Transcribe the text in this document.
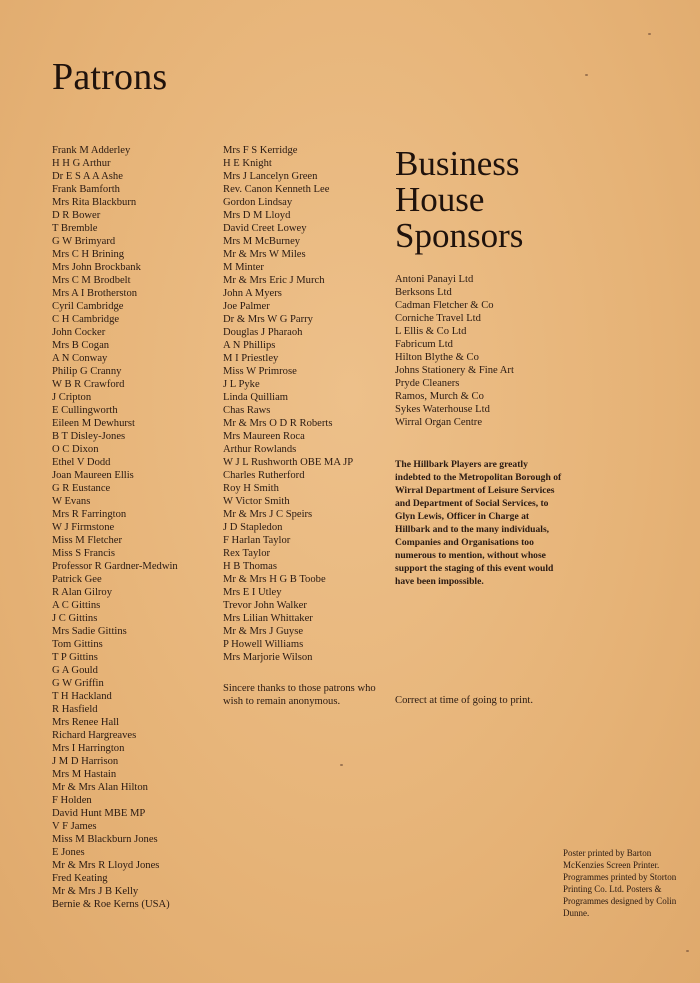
Patrons
Frank M Adderley
H H G Arthur
Dr E S A A Ashe
Frank Bamforth
Mrs Rita Blackburn
D R Bower
T Bremble
G W Brimyard
Mrs C H Brining
Mrs John Brockbank
Mrs C M Brodbelt
Mrs A I Brotherston
Cyril Cambridge
C H Cambridge
John Cocker
Mrs B Cogan
A N Conway
Philip G Cranny
W B R Crawford
J Cripton
E Cullingworth
Eileen M Dewhurst
B T Disley-Jones
O C Dixon
Ethel V Dodd
Joan Maureen Ellis
G R Eustance
W Evans
Mrs R Farrington
W J Firmstone
Miss M Fletcher
Miss S Francis
Professor R Gardner-Medwin
Patrick Gee
R Alan Gilroy
A C Gittins
J C Gittins
Mrs Sadie Gittins
Tom Gittins
T P Gittins
G A Gould
G W Griffin
T H Hackland
R Hasfield
Mrs Renee Hall
Richard Hargreaves
Mrs I Harrington
J M D Harrison
Mrs M Hastain
Mr & Mrs Alan Hilton
F Holden
David Hunt MBE MP
V F James
Miss M Blackburn Jones
E Jones
Mr & Mrs R Lloyd Jones
Fred Keating
Mr & Mrs J B Kelly
Bernie & Roe Kerns (USA)
Mrs F S Kerridge
H E Knight
Mrs J Lancelyn Green
Rev. Canon Kenneth Lee
Gordon Lindsay
Mrs D M Lloyd
David Creet Lowey
Mrs M McBurney
Mr & Mrs W Miles
M Minter
Mr & Mrs Eric J Murch
John A Myers
Joe Palmer
Dr & Mrs W G Parry
Douglas J Pharaoh
A N Phillips
M I Priestley
Miss W Primrose
J L Pyke
Linda Quilliam
Chas Raws
Mr & Mrs O D R Roberts
Mrs Maureen Roca
Arthur Rowlands
W J L Rushworth OBE MA JP
Charles Rutherford
Roy H Smith
W Victor Smith
Mr & Mrs J C Speirs
J D Stapledon
F Harlan Taylor
Rex Taylor
H B Thomas
Mr & Mrs H G B Toobe
Mrs E I Utley
Trevor John Walker
Mrs Lilian Whittaker
Mr & Mrs J Guyse
P Howell Williams
Mrs Marjorie Wilson

Sincere thanks to those patrons who wish to remain anonymous.

Business House Sponsors
Antoni Panayi Ltd
Berksons Ltd
Cadman Fletcher & Co
Corniche Travel Ltd
L Ellis & Co Ltd
Fabricum Ltd
Hilton Blythe & Co
Johns Stationery & Fine Art
Pryde Cleaners
Ramos, Murch & Co
Sykes Waterhouse Ltd
Wirral Organ Centre

The Hillbark Players are greatly indebted to the Metropolitan Borough of Wirral Department of Leisure Services and Department of Social Services, to Glyn Lewis, Officer in Charge at Hillbark and to the many individuals, Companies and Organisations too numerous to mention, without whose support the staging of this event would have been impossible.

Correct at time of going to print.

Poster printed by Barton McKenzies Screen Printer. Programmes printed by Storton Printing Co. Ltd. Posters & Programmes designed by Colin Dunne.
